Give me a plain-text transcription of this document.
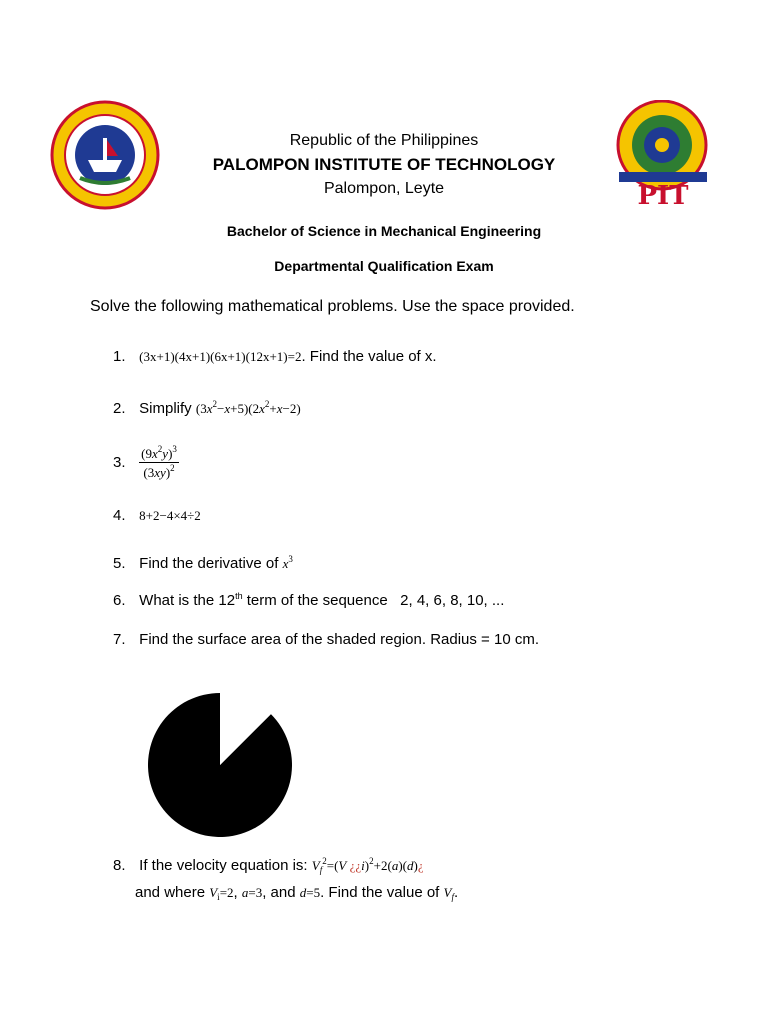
PIT
Republic of the Philippines
PALOMPON INSTITUTE OF TECHNOLOGY
Palompon, Leyte
Bachelor of Science in Mechanical Engineering
Departmental Qualification Exam
Solve the following mathematical problems. Use the space provided.
1. (3x+1)(4x+1)(6x+1)(12x+1)=2. Find the value of x.
2. Simplify $(3x^2-x+5)(2x^2+x-2)$
3. $\frac{(9x^2y)^3}{(3xy)^2}$
4. 8+2−4×4÷2
5. Find the derivative of $x^3$
6. What is the 12th term of the sequence   2, 4, 6, 8, 10, ...
7. Find the surface area of the shaded region. Radius = 10 cm.
8. If the velocity equation is: $V_f^2=(V$ ¿¿i)$^2$+2(a)(d)¿
and where $V_i=2$, a=3, and d=5. Find the value of $V_f$.
